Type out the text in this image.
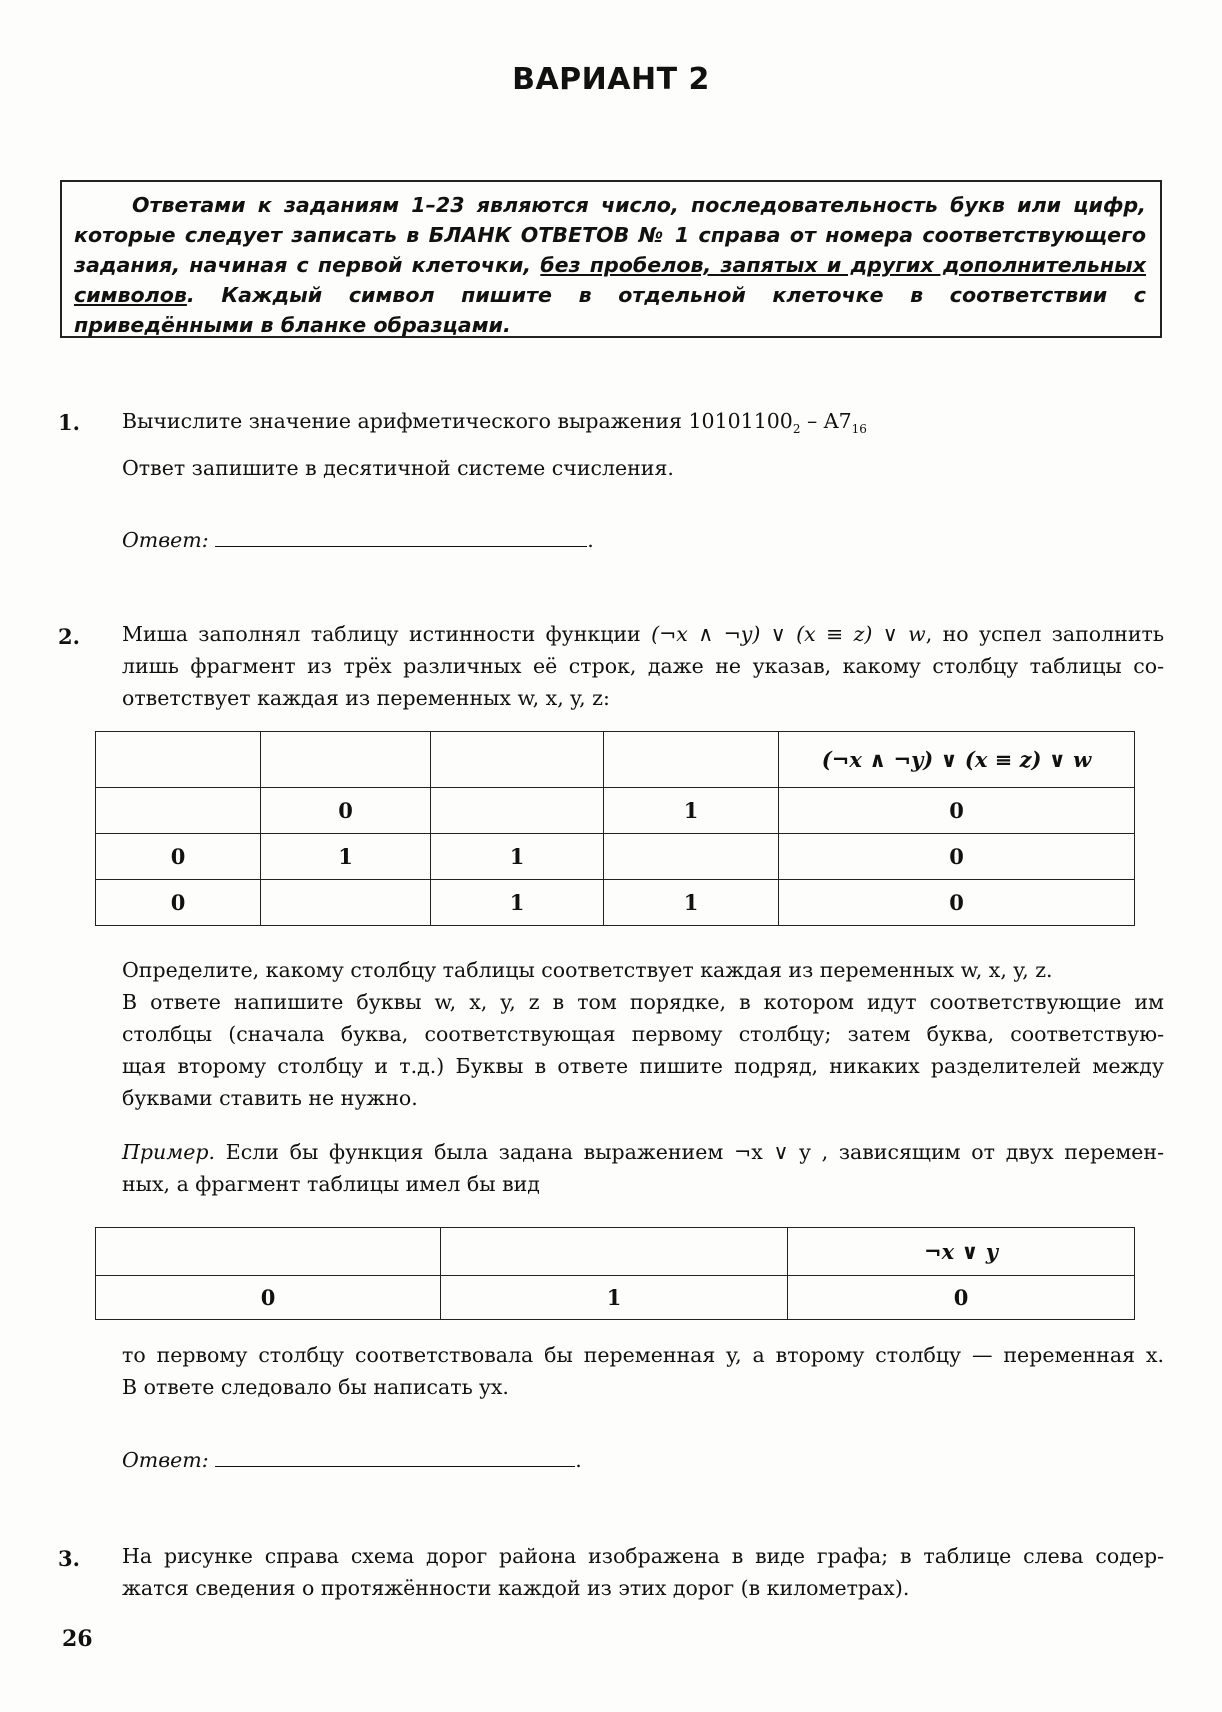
ВАРИАНТ 2
Ответами к заданиям 1–23 являются число, последовательность букв или цифр, которые следует записать в БЛАНК ОТВЕТОВ № 1 справа от номера соответствующего задания, начиная с первой клеточки, без пробелов, запятых и других дополнительных символов. Каждый символ пишите в отдельной клеточке в соответствии с приведёнными в бланке образцами.
1. Вычислите значение арифметического выражения $10101100_2 - A7_{16}$
Ответ запишите в десятичной системе счисления.
Ответ:	.
2. Миша заполнял таблицу истинности функции (¬x ∧ ¬y) ∨ (x ≡ z) ∨ w, но успел заполнить
лишь фрагмент из трёх различных её строк, даже не указав, какому столбцу таблицы со-
ответствует каждая из переменных w, x, y, z:
				(¬x ∧ ¬y) ∨ (x ≡ z) ∨ w
	0		1	0
0	1	1		0
0		1	1	0
Определите, какому столбцу таблицы соответствует каждая из переменных w, x, y, z.
В ответе напишите буквы w, x, y, z в том порядке, в котором идут соответствующие им
столбцы (сначала буква, соответствующая первому столбцу; затем буква, соответствую-
щая второму столбцу и т.д.) Буквы в ответе пишите подряд, никаких разделителей между
буквами ставить не нужно.
Пример. Если бы функция была задана выражением ¬x ∨ y , зависящим от двух перемен-
ных, а фрагмент таблицы имел бы вид
		¬x ∨ y
0	1	0
то первому столбцу соответствовала бы переменная y, а второму столбцу — переменная x.
В ответе следовало бы написать yx.
Ответ:	.
3. На рисунке справа схема дорог района изображена в виде графа; в таблице слева содер-
жатся сведения о протяжённости каждой из этих дорог (в километрах).
26
